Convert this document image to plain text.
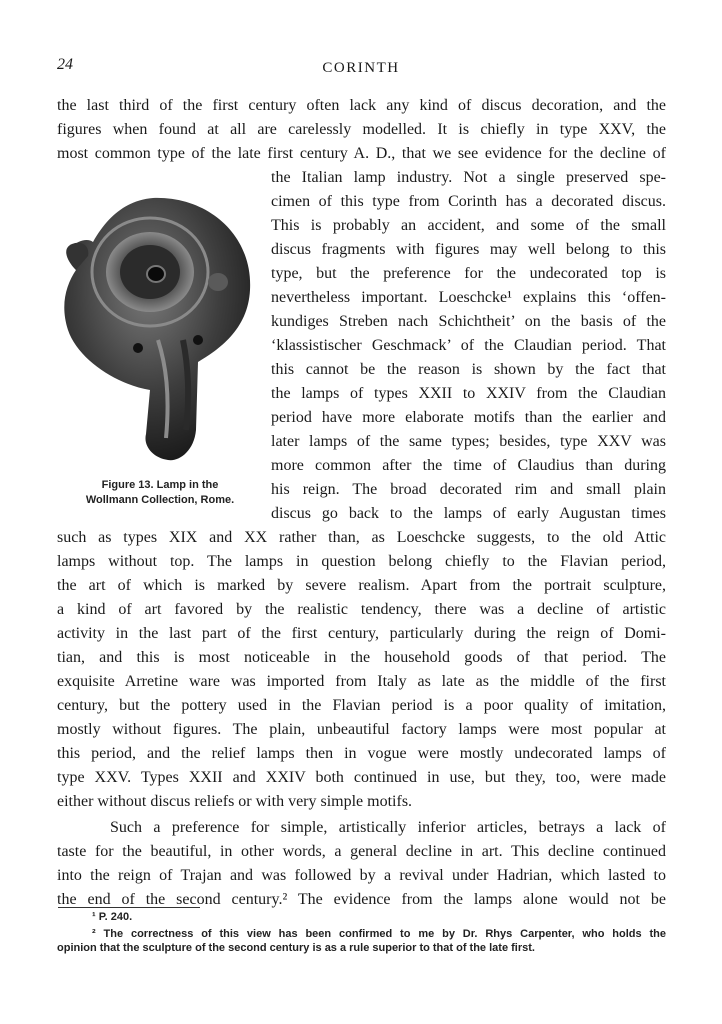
24	CORINTH
the last third of the first century often lack any kind of discus decoration, and the
figures when found at all are carelessly modelled. It is chiefly in type XXV, the
most common type of the late first century A. D., that we see evidence for the decline of
the Italian lamp industry. Not a single preserved spe-
cimen of this type from Corinth has a decorated discus.
This is probably an accident, and some of the small
discus fragments with figures may well belong to this
type, but the preference for the undecorated top is
nevertheless important. Loeschcke¹ explains this ‘offen-
kundiges Streben nach Schichtheit’ on the basis of the
‘klassistischer Geschmack’ of the Claudian period. That
this cannot be the reason is shown by the fact that
the lamps of types XXII to XXIV from the Claudian
period have more elaborate motifs than the earlier and
later lamps of the same types; besides, type XXV was
more common after the time of Claudius than during
his reign. The broad decorated rim and small plain
discus go back to the lamps of early Augustan times
such as types XIX and XX rather than, as Loeschcke suggests, to the old Attic
lamps without top. The lamps in question belong chiefly to the Flavian period,
the art of which is marked by severe realism. Apart from the portrait sculpture,
a kind of art favored by the realistic tendency, there was a decline of artistic
activity in the last part of the first century, particularly during the reign of Domi-
tian, and this is most noticeable in the household goods of that period. The
exquisite Arretine ware was imported from Italy as late as the middle of the first
century, but the pottery used in the Flavian period is a poor quality of imitation,
mostly without figures. The plain, unbeautiful factory lamps were most popular at
this period, and the relief lamps then in vogue were mostly undecorated lamps of
type XXV. Types XXII and XXIV both continued in use, but they, too, were made
either without discus reliefs or with very simple motifs.
Such a preference for simple, artistically inferior articles, betrays a lack of
taste for the beautiful, in other words, a general decline in art. This decline continued
into the reign of Trajan and was followed by a revival under Hadrian, which lasted to
the end of the second century.² The evidence from the lamps alone would not be
Figure 13. Lamp in the
Wollmann Collection, Rome.
¹ P. 240.
² The correctness of this view has been confirmed to me by Dr. Rhys Carpenter, who holds the
opinion that the sculpture of the second century is as a rule superior to that of the late first.
